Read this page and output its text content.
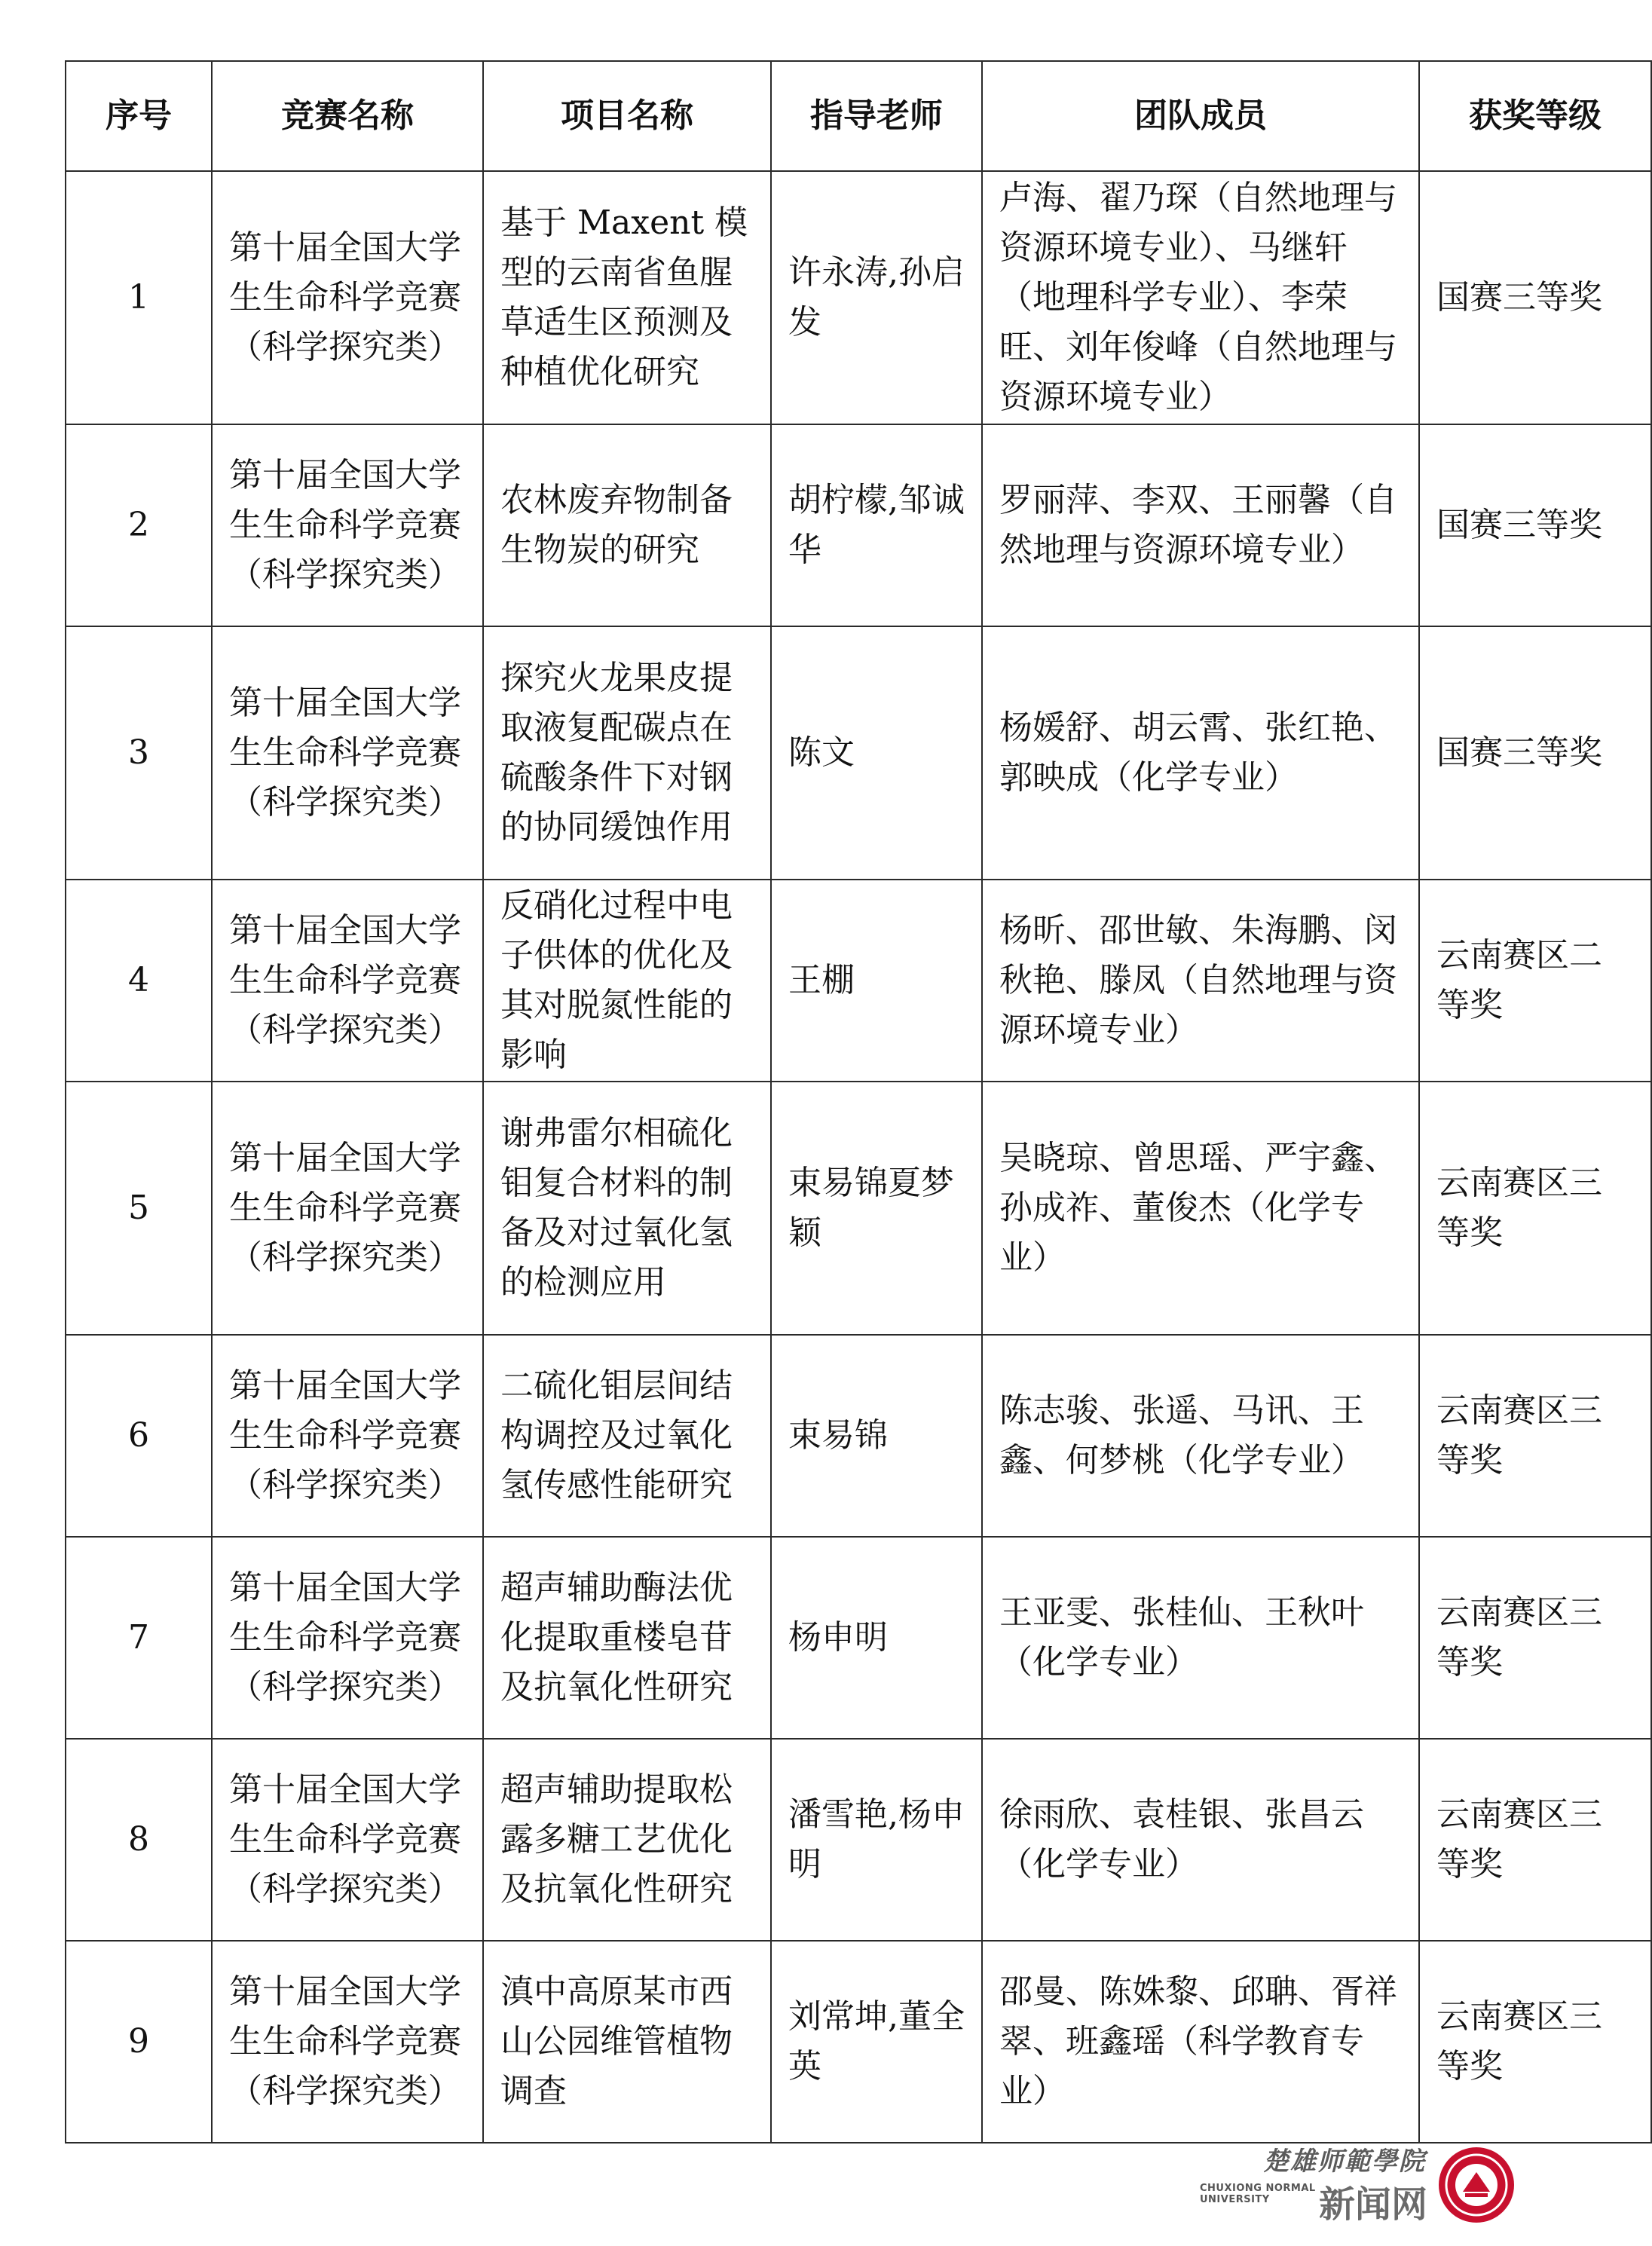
序号	竞赛名称	项目名称	指导老师	团队成员	获奖等级
1	第十届全国大学生生命科学竞赛（科学探究类）	基于 Maxent 模型的云南省鱼腥草适生区预测及种植优化研究	许永涛,孙启发	卢海、翟乃琛（自然地理与资源环境专业）、马继轩（地理科学专业）、李荣旺、刘年俊峰（自然地理与资源环境专业）	国赛三等奖
2	第十届全国大学生生命科学竞赛（科学探究类）	农林废弃物制备生物炭的研究	胡柠檬,邹诚华	罗丽萍、李双、王丽馨（自然地理与资源环境专业）	国赛三等奖
3	第十届全国大学生生命科学竞赛（科学探究类）	探究火龙果皮提取液复配碳点在硫酸条件下对钢的协同缓蚀作用	陈文	杨媛舒、胡云霄、张红艳、郭映成（化学专业）	国赛三等奖
4	第十届全国大学生生命科学竞赛（科学探究类）	反硝化过程中电子供体的优化及其对脱氮性能的影响	王棚	杨昕、邵世敏、朱海鹏、闵秋艳、滕凤（自然地理与资源环境专业）	云南赛区二等奖
5	第十届全国大学生生命科学竞赛（科学探究类）	谢弗雷尔相硫化钼复合材料的制备及对过氧化氢的检测应用	束易锦夏梦颖	吴晓琼、曾思瑶、严宇鑫、孙成祚、董俊杰（化学专业）	云南赛区三等奖
6	第十届全国大学生生命科学竞赛（科学探究类）	二硫化钼层间结构调控及过氧化氢传感性能研究	束易锦	陈志骏、张遥、马讯、王鑫、何梦桃（化学专业）	云南赛区三等奖
7	第十届全国大学生生命科学竞赛（科学探究类）	超声辅助酶法优化提取重楼皂苷及抗氧化性研究	杨申明	王亚雯、张桂仙、王秋叶（化学专业）	云南赛区三等奖
8	第十届全国大学生生命科学竞赛（科学探究类）	超声辅助提取松露多糖工艺优化及抗氧化性研究	潘雪艳,杨申明	徐雨欣、袁桂银、张昌云（化学专业）	云南赛区三等奖
9	第十届全国大学生生命科学竞赛（科学探究类）	滇中高原某市西山公园维管植物调查	刘常坤,董全英	邵曼、陈姝黎、邱聃、胥祥翠、班鑫瑶（科学教育专业）	云南赛区三等奖
楚雄师範學院
CHUXIONG NORMAL UNIVERSITY	新闻网
